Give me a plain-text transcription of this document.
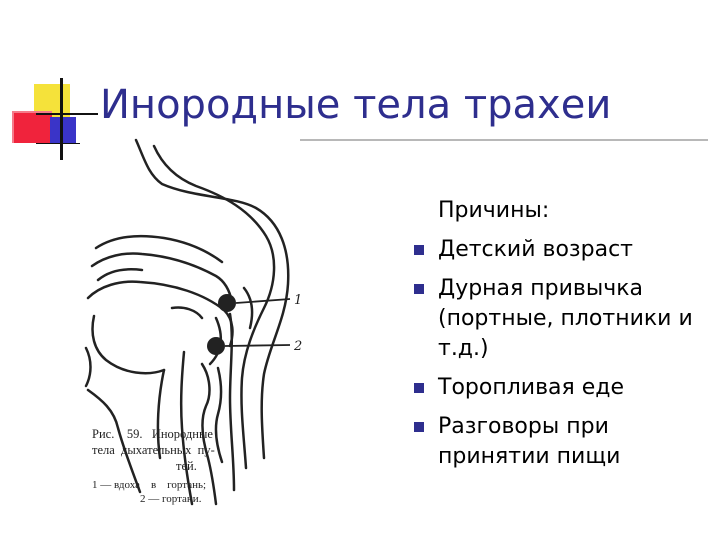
Инородные тела трахеи
1
2
Рис.    59.   Инородные
тела  дыхательных  пу-
тей.
1 — вдоха    в    гортань;
2 — гортани.
Причины:
Детский возраст
Дурная привычка (портные, плотники и т.д.)
Торопливая еде
Разговоры при принятии пищи
